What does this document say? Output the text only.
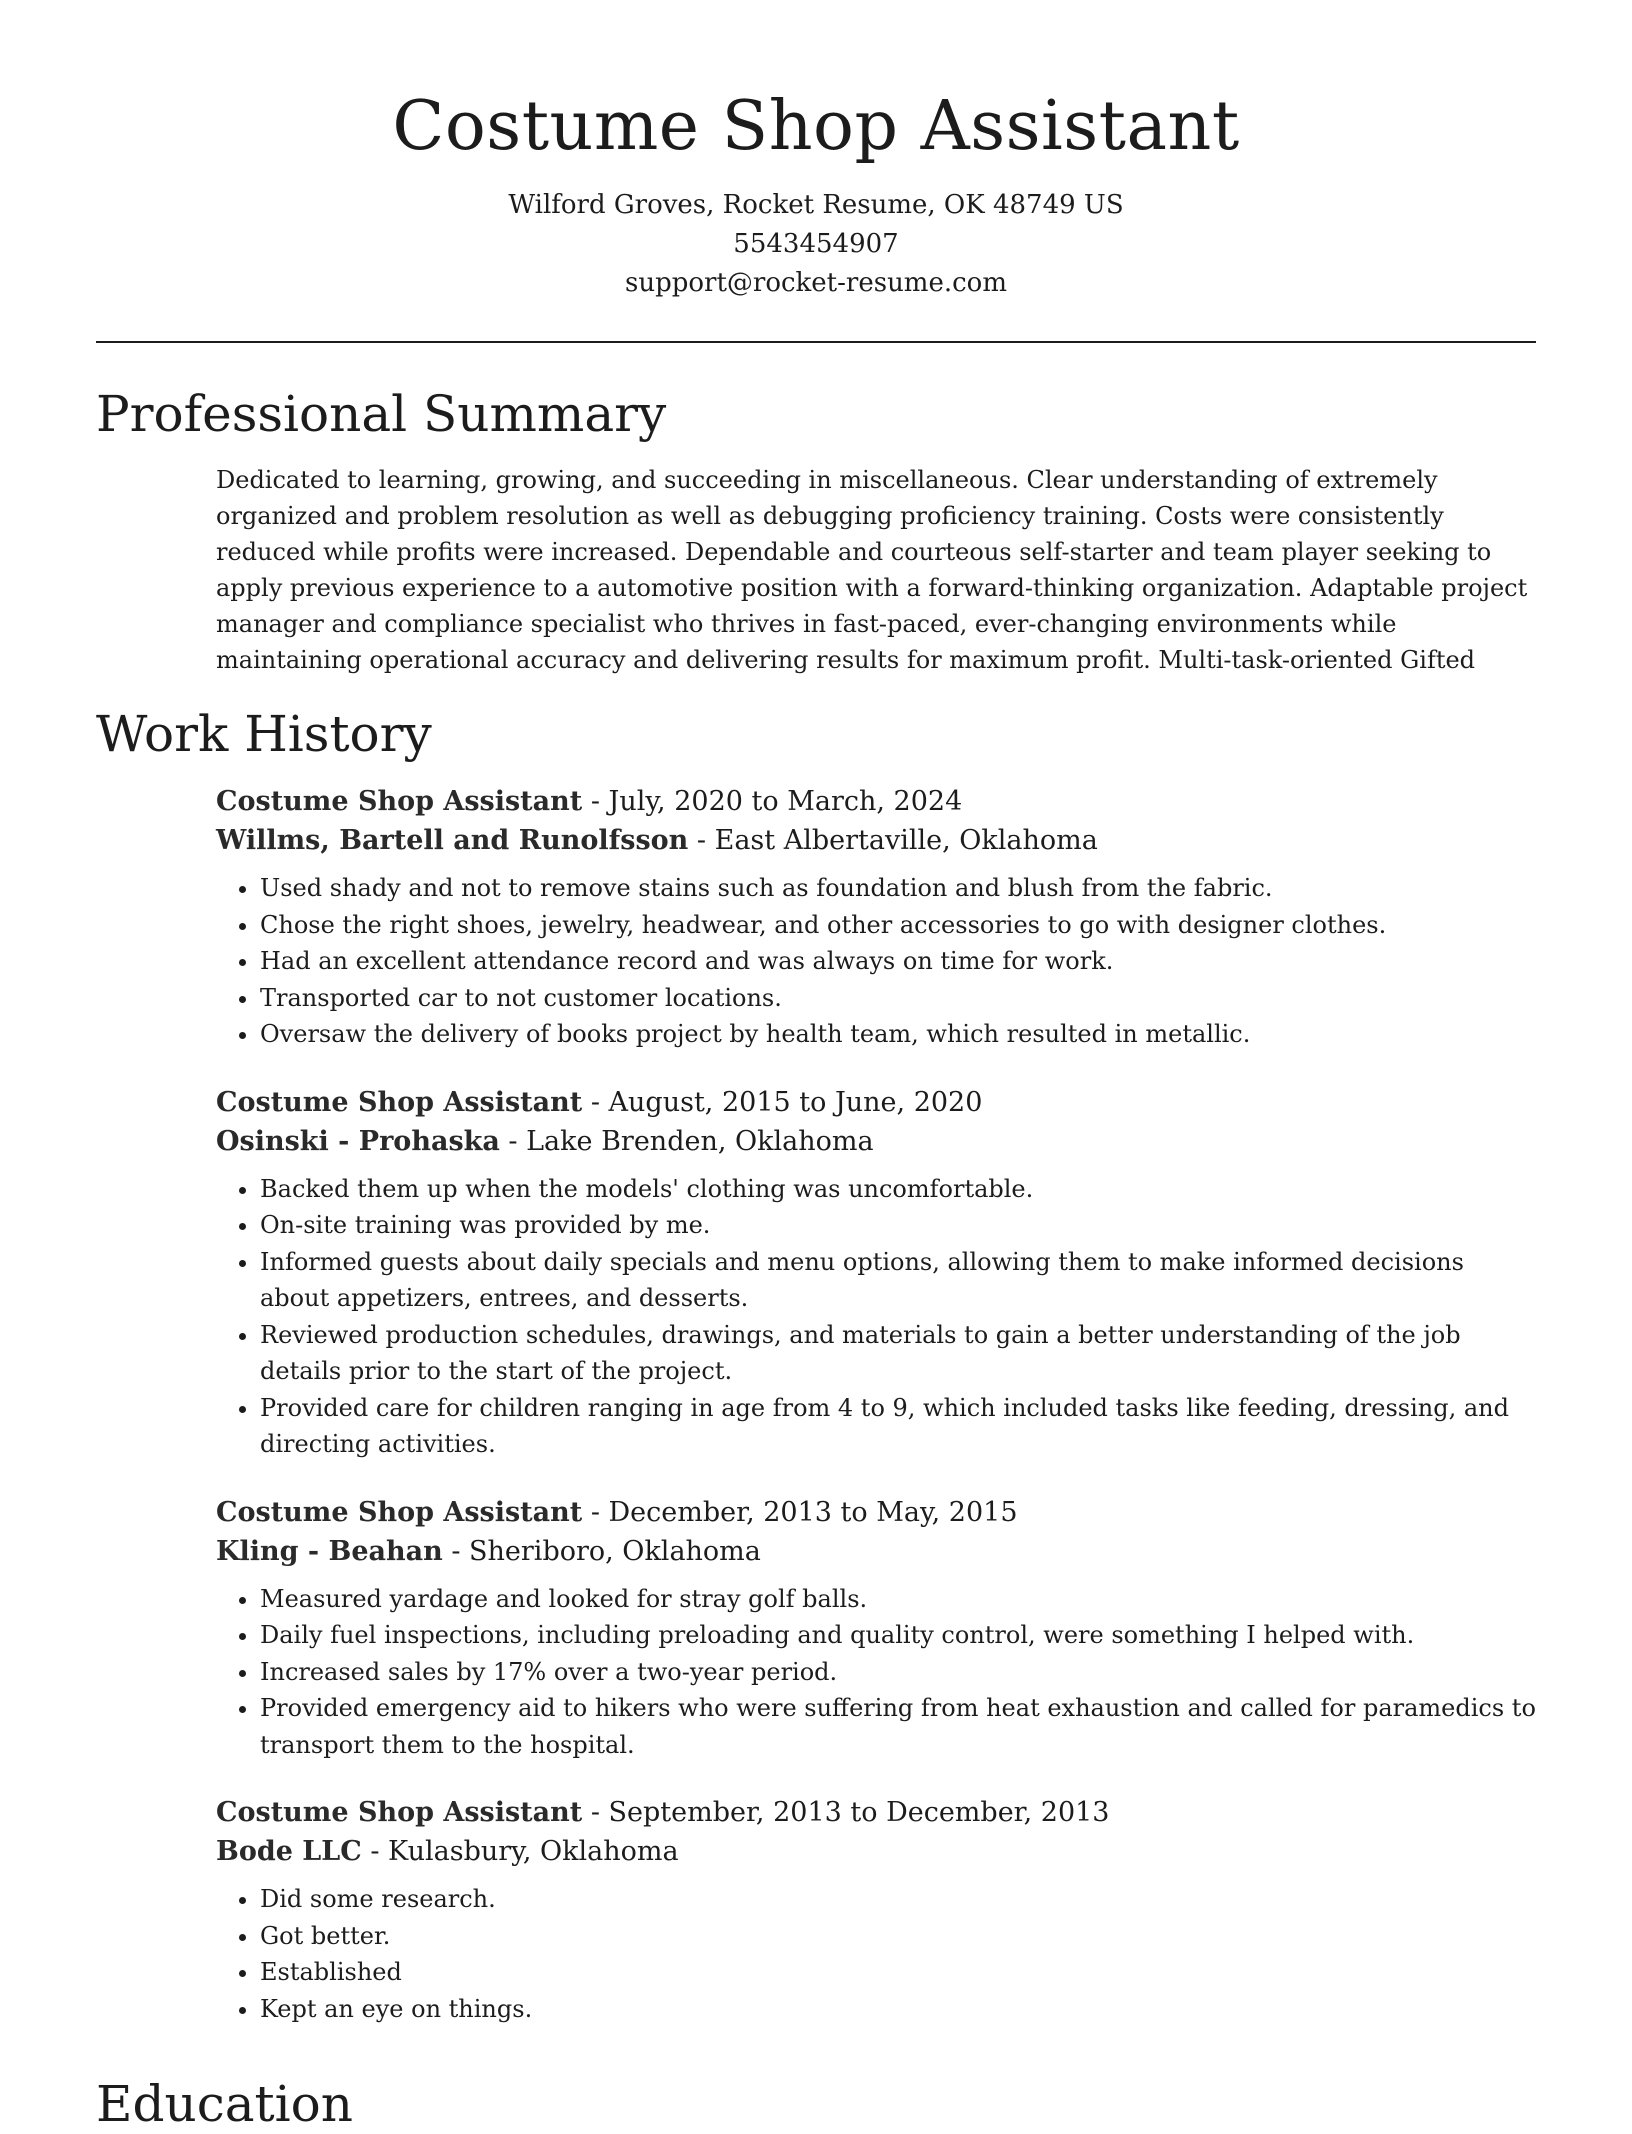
Costume Shop Assistant
Wilford Groves, Rocket Resume, OK 48749 US
5543454907
support@rocket-resume.com
Professional Summary

Dedicated to learning, growing, and succeeding in miscellaneous. Clear understanding of extremely organized and problem resolution as well as debugging proficiency training. Costs were consistently reduced while profits were increased. Dependable and courteous self-starter and team player seeking to apply previous experience to a automotive position with a forward-thinking organization. Adaptable project manager and compliance specialist who thrives in fast-paced, ever-changing environments while maintaining operational accuracy and delivering results for maximum profit. Multi-task-oriented Gifted

Work History

Costume Shop Assistant - July, 2020 to March, 2024

Willms, Bartell and Runolfsson - East Albertaville, Oklahoma

• Used shady and not to remove stains such as foundation and blush from the fabric.
• Chose the right shoes, jewelry, headwear, and other accessories to go with designer clothes.
• Had an excellent attendance record and was always on time for work.
• Transported car to not customer locations.
• Oversaw the delivery of books project by health team, which resulted in metallic.

Costume Shop Assistant - August, 2015 to June, 2020

Osinski - Prohaska - Lake Brenden, Oklahoma

• Backed them up when the models' clothing was uncomfortable.
• On-site training was provided by me.
• Informed guests about daily specials and menu options, allowing them to make informed decisions about appetizers, entrees, and desserts.
• Reviewed production schedules, drawings, and materials to gain a better understanding of the job details prior to the start of the project.
• Provided care for children ranging in age from 4 to 9, which included tasks like feeding, dressing, and directing activities.

Costume Shop Assistant - December, 2013 to May, 2015

Kling - Beahan - Sheriboro, Oklahoma

• Measured yardage and looked for stray golf balls.
• Daily fuel inspections, including preloading and quality control, were something I helped with.
• Increased sales by 17% over a two-year period.
• Provided emergency aid to hikers who were suffering from heat exhaustion and called for paramedics to transport them to the hospital.

Costume Shop Assistant - September, 2013 to December, 2013

Bode LLC - Kulasbury, Oklahoma

• Did some research.
• Got better.
• Established
• Kept an eye on things.
Education
